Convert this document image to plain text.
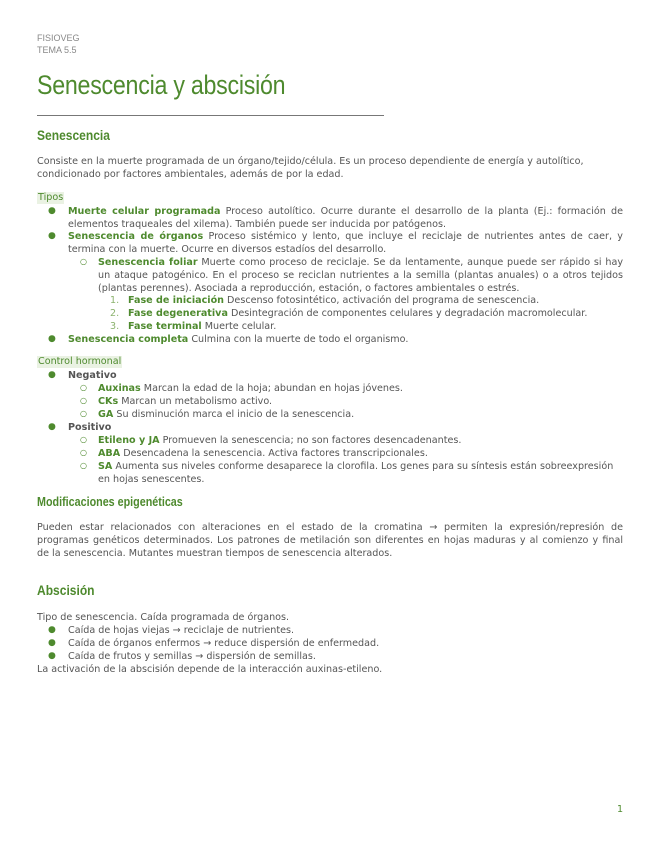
FISIOVEG
TEMA 5.5
Senescencia y abscisión
Senescencia
Consiste en la muerte programada de un órgano/tejido/célula. Es un proceso dependiente de energía y autolítico,
condicionado por factores ambientales, además de por la edad.
Tipos
● Muerte celular programada Proceso autolítico. Ocurre durante el desarrollo de la planta (Ej.: formación de
elementos traqueales del xilema). También puede ser inducida por patógenos.
● Senescencia de órganos Proceso sistémico y lento, que incluye el reciclaje de nutrientes antes de caer, y
termina con la muerte. Ocurre en diversos estadíos del desarrollo.
○ Senescencia foliar Muerte como proceso de reciclaje. Se da lentamente, aunque puede ser rápido si hay
un ataque patogénico. En el proceso se reciclan nutrientes a la semilla (plantas anuales) o a otros tejidos
(plantas perennes). Asociada a reproducción, estación, o factores ambientales o estrés.
1. Fase de iniciación Descenso fotosintético, activación del programa de senescencia.
2. Fase degenerativa Desintegración de componentes celulares y degradación macromolecular.
3. Fase terminal Muerte celular.
● Senescencia completa Culmina con la muerte de todo el organismo.
Control hormonal
● Negativo
○ Auxinas Marcan la edad de la hoja; abundan en hojas jóvenes.
○ CKs Marcan un metabolismo activo.
○ GA Su disminución marca el inicio de la senescencia.
● Positivo
○ Etileno y JA Promueven la senescencia; no son factores desencadenantes.
○ ABA Desencadena la senescencia. Activa factores transcripcionales.
○ SA Aumenta sus niveles conforme desaparece la clorofila. Los genes para su síntesis están sobreexpresión
en hojas senescentes.
Modificaciones epigenéticas
Pueden estar relacionados con alteraciones en el estado de la cromatina → permiten la expresión/represión de
programas genéticos determinados. Los patrones de metilación son diferentes en hojas maduras y al comienzo y final
de la senescencia. Mutantes muestran tiempos de senescencia alterados.
Abscisión
Tipo de senescencia. Caída programada de órganos.
● Caída de hojas viejas → reciclaje de nutrientes.
● Caída de órganos enfermos → reduce dispersión de enfermedad.
● Caída de frutos y semillas → dispersión de semillas.
La activación de la abscisión depende de la interacción auxinas-etileno.
1
